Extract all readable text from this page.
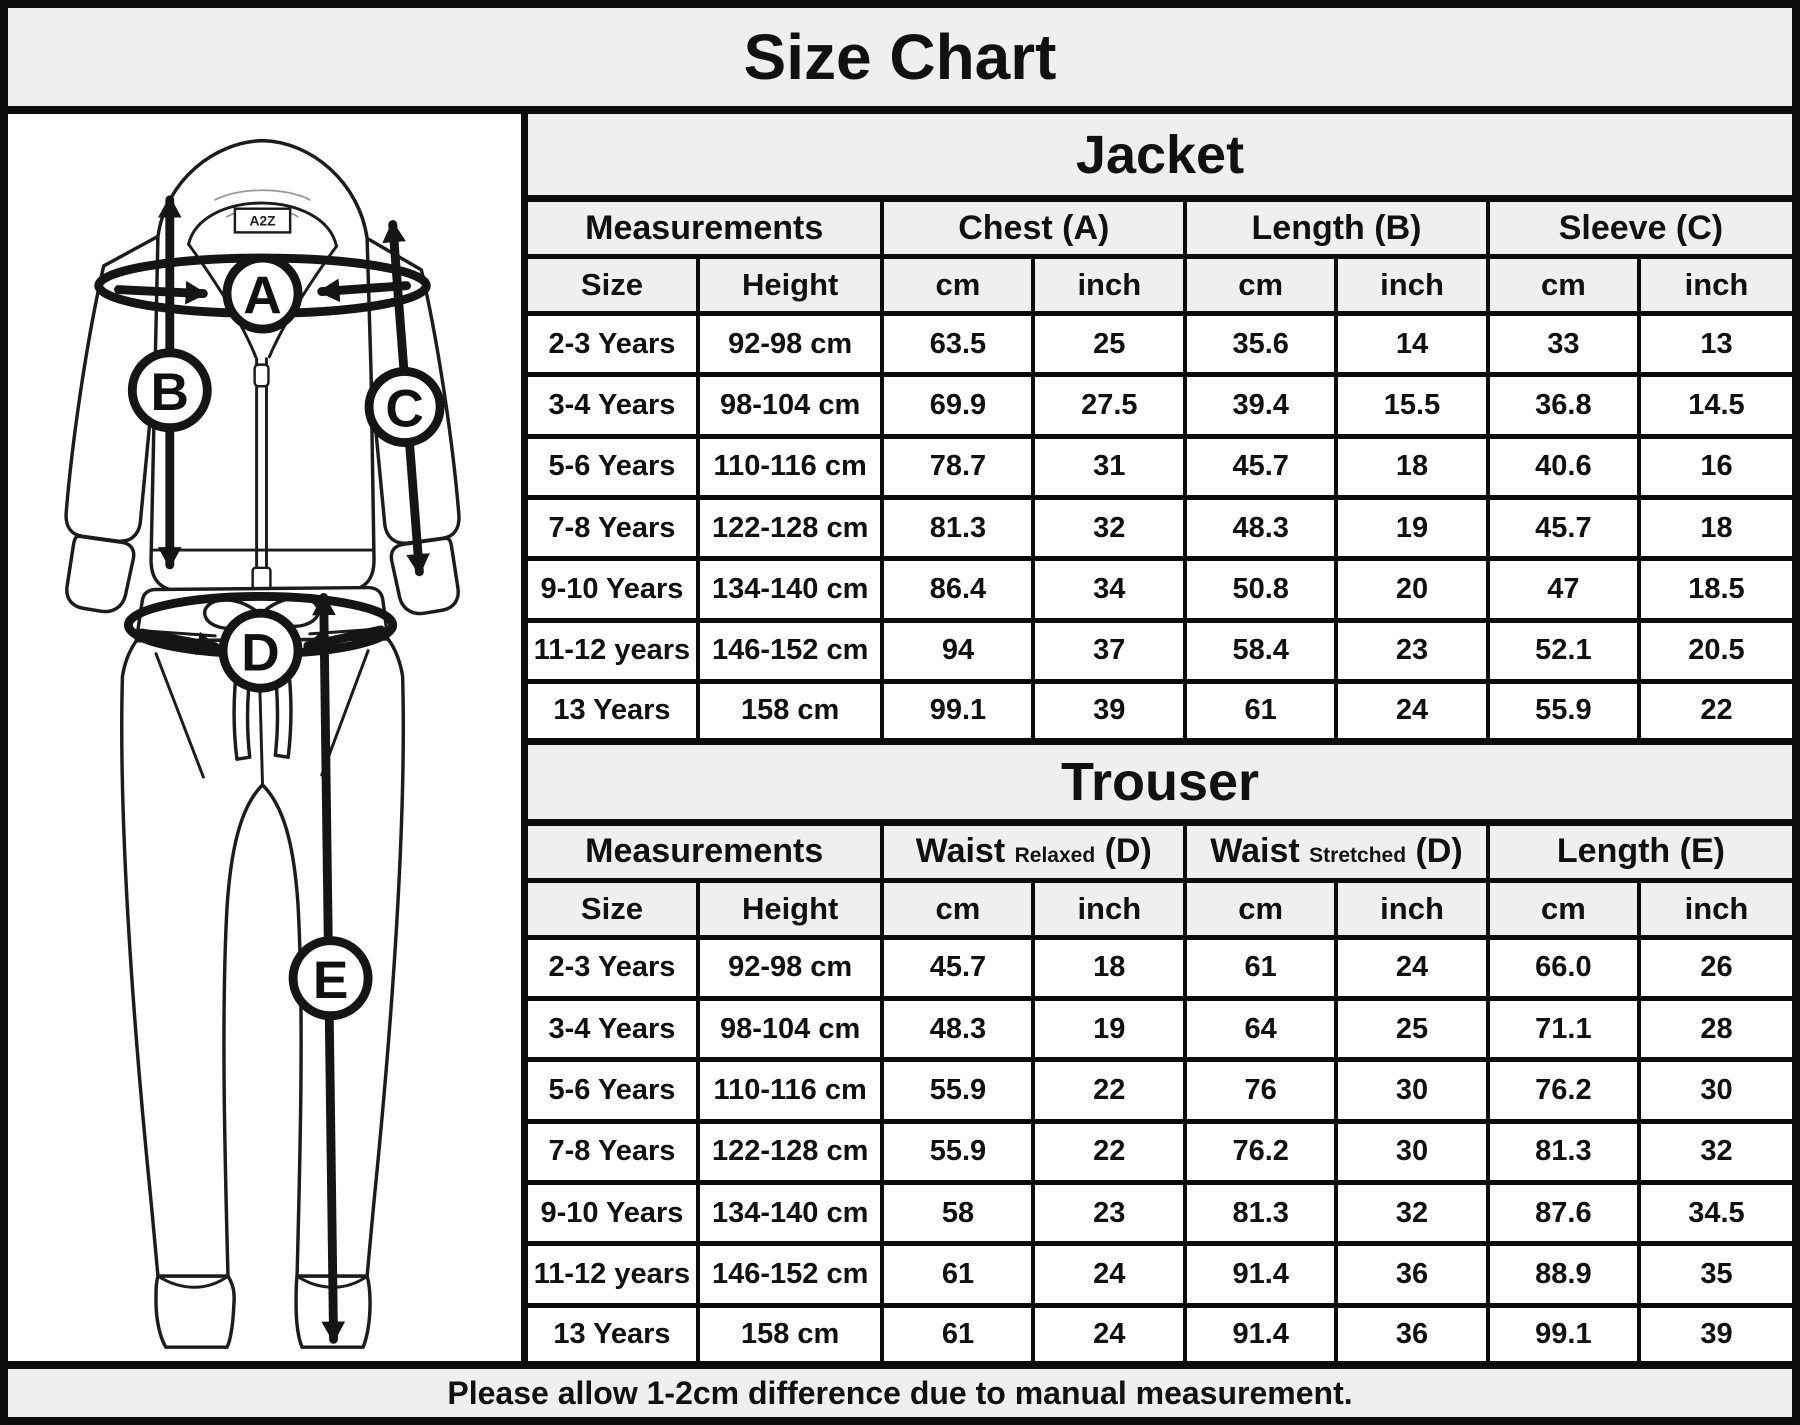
Size Chart
A2Z
A
B	C
D
E
Jacket
Measurements		Chest (A)		Length (B)		Sleeve (C)	
Size	Height	cm	inch	cm	inch	cm	inch
2-3 Years	92-98 cm	63.5	25	35.6	14	33	13
3-4 Years	98-104 cm	69.9	27.5	39.4	15.5	36.8	14.5
5-6 Years	110-116 cm	78.7	31	45.7	18	40.6	16
7-8 Years	122-128 cm	81.3	32	48.3	19	45.7	18
9-10 Years	134-140 cm	86.4	34	50.8	20	47	18.5
11-12 years	146-152 cm	94	37	58.4	23	52.1	20.5
13 Years	158 cm	99.1	39	61	24	55.9	22
Trouser
Measurements		Waist Relaxed (D)		Waist Stretched (D)		Length (E)	
Size	Height	cm	inch	cm	inch	cm	inch
2-3 Years	92-98 cm	45.7	18	61	24	66.0	26
3-4 Years	98-104 cm	48.3	19	64	25	71.1	28
5-6 Years	110-116 cm	55.9	22	76	30	76.2	30
7-8 Years	122-128 cm	55.9	22	76.2	30	81.3	32
9-10 Years	134-140 cm	58	23	81.3	32	87.6	34.5
11-12 years	146-152 cm	61	24	91.4	36	88.9	35
13 Years	158 cm	61	24	91.4	36	99.1	39
Please allow 1-2cm difference due to manual measurement.
